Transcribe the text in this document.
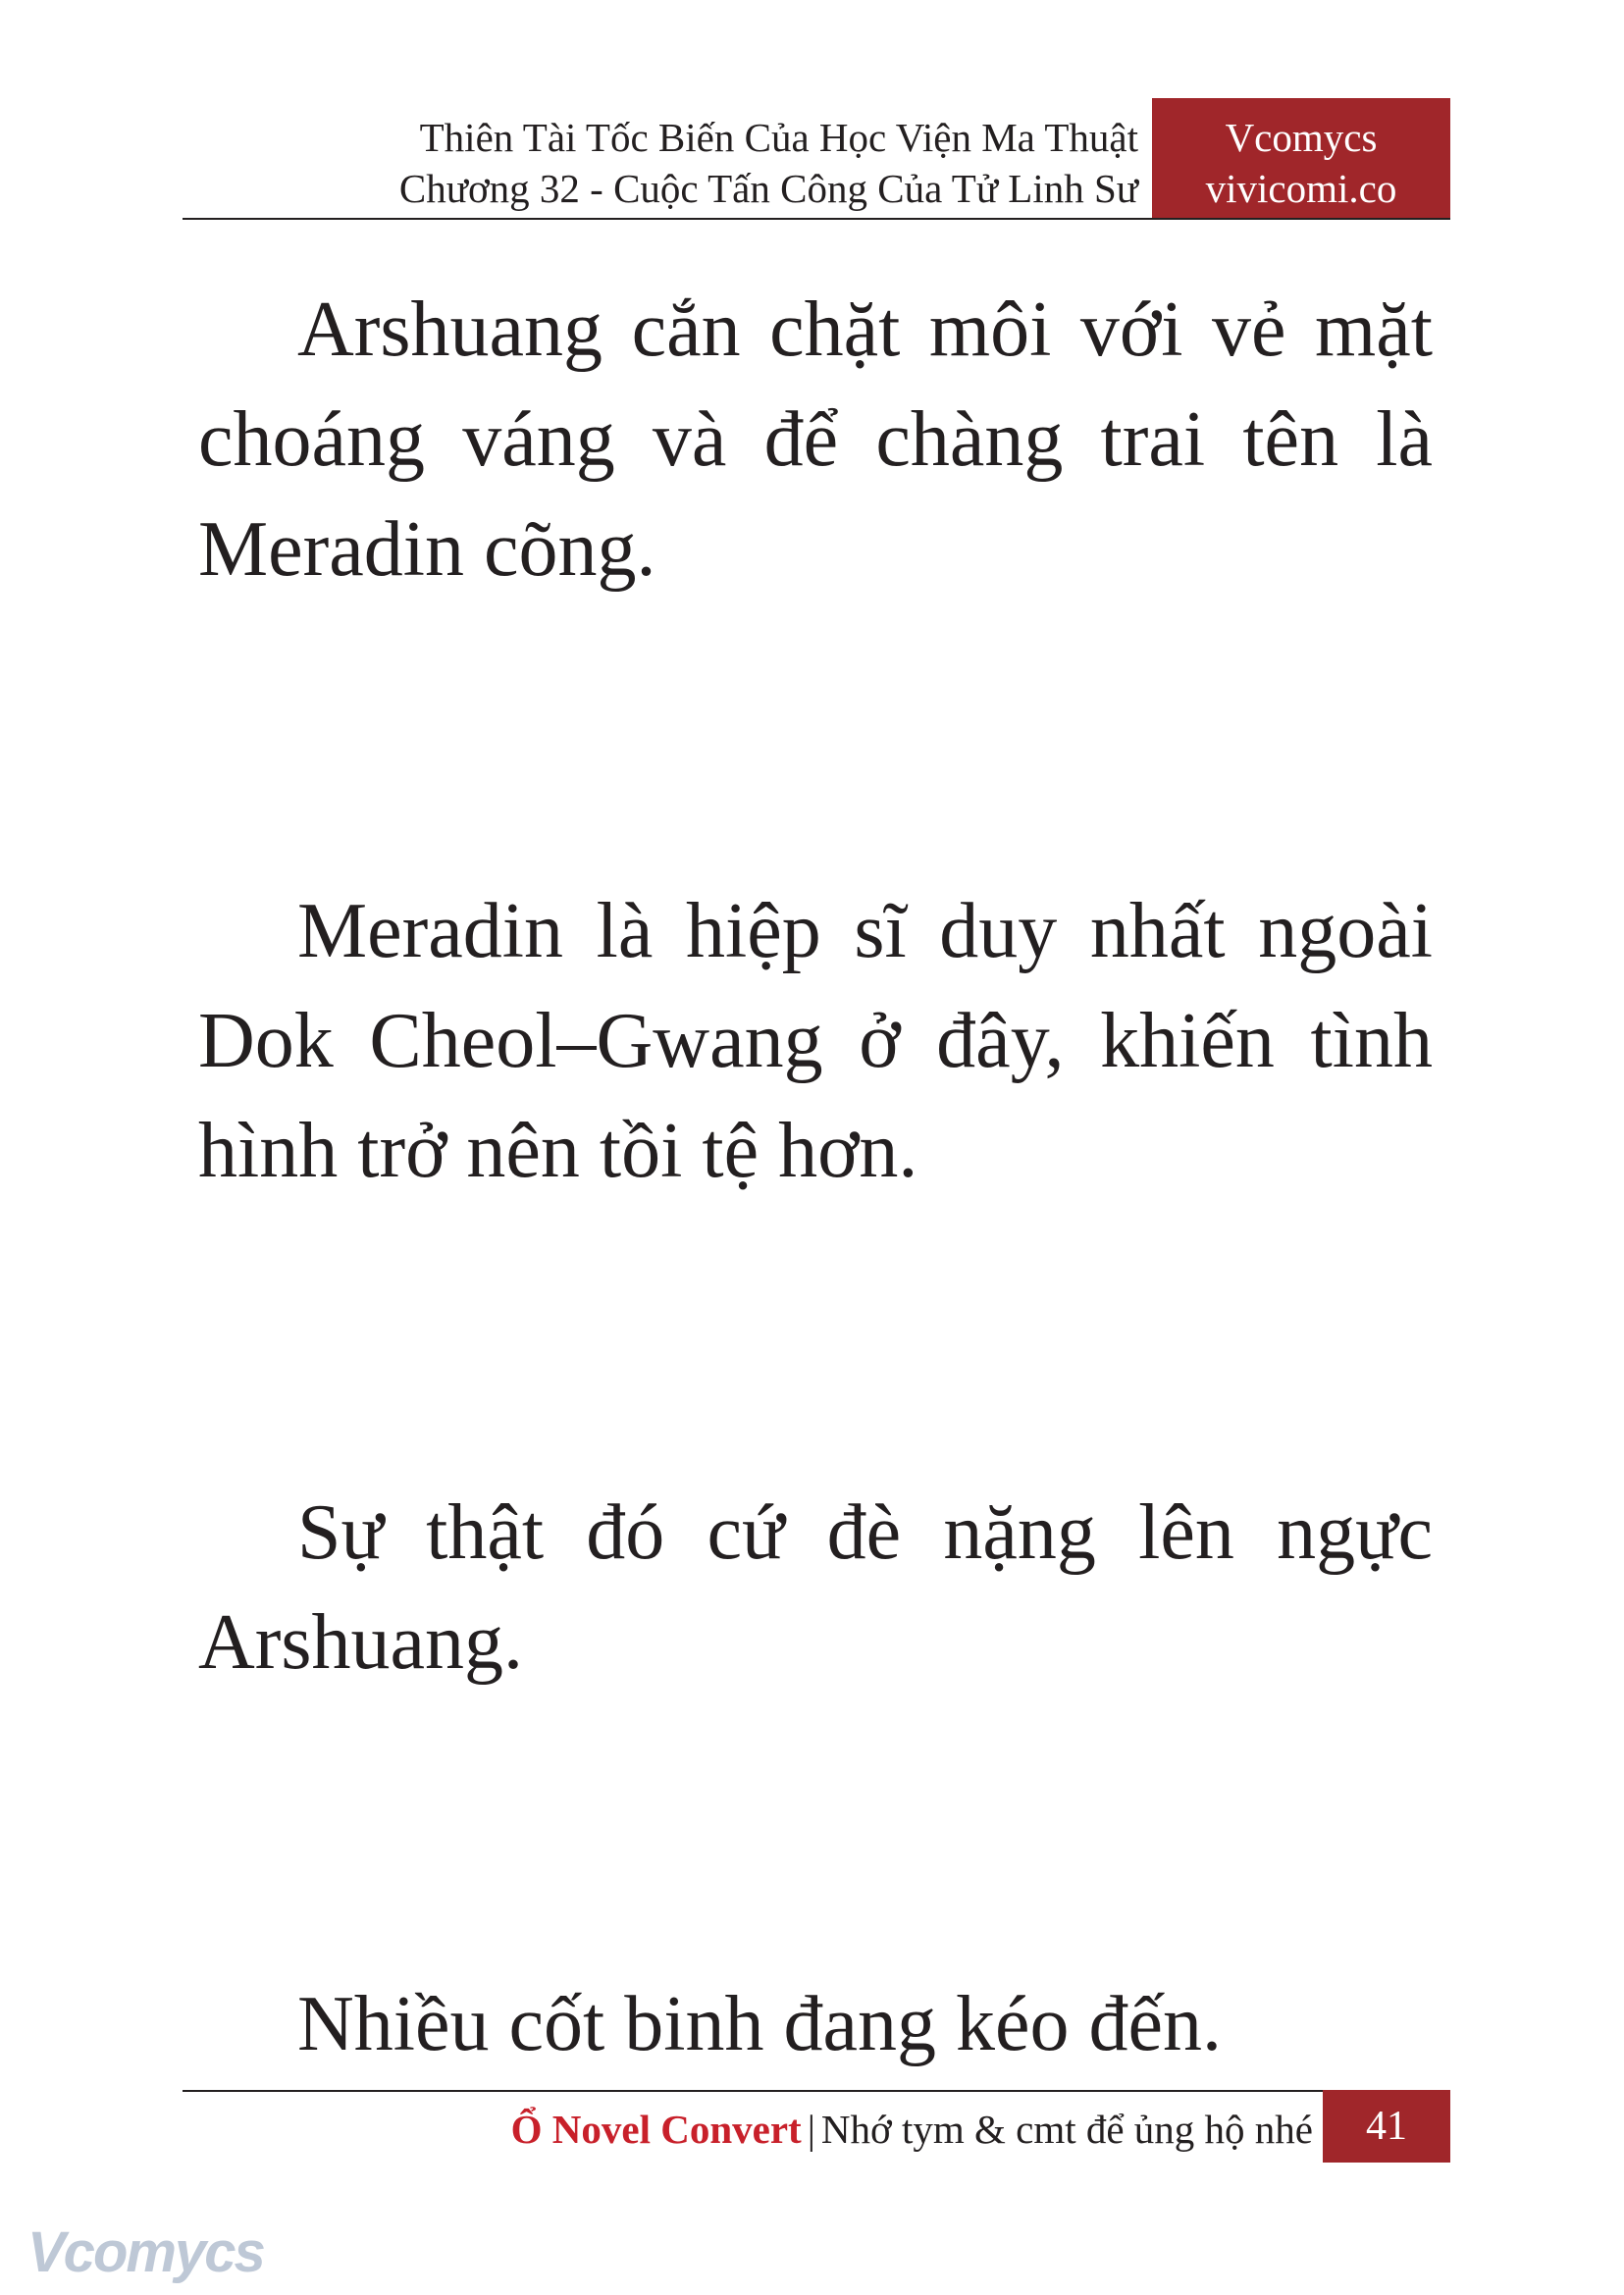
Thiên Tài Tốc Biến Của Học Viện Ma Thuật
Chương 32 - Cuộc Tấn Công Của Tử Linh Sư
Vcomycs
vivicomi.co

Arshuang cắn chặt môi với vẻ mặt choáng váng và để chàng trai tên là Meradin cõng.

Meradin là hiệp sĩ duy nhất ngoài Dok Cheol–Gwang ở đây, khiến tình hình trở nên tồi tệ hơn.

Sự thật đó cứ đè nặng lên ngực Arshuang.

Nhiều cốt binh đang kéo đến.

Ổ Novel Convert | Nhớ tym & cmt để ủng hộ nhé	41
Vcomycs
